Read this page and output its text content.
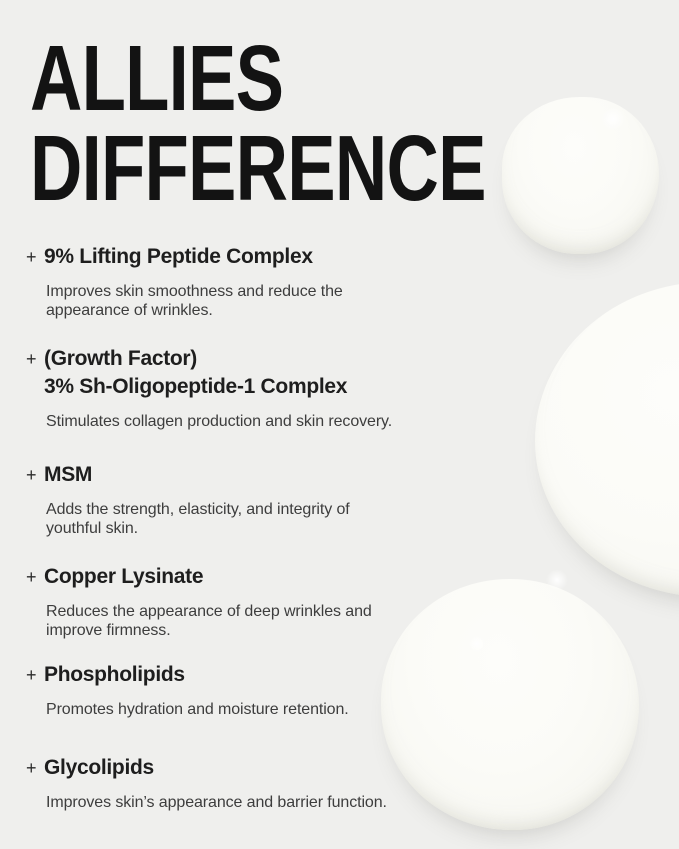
ALLIES
DIFFERENCE
+ 9% Lifting Peptide Complex

Improves skin smoothness and reduce the
appearance of wrinkles.

+ (Growth Factor)
3% Sh-Oligopeptide-1 Complex

Stimulates collagen production and skin recovery.

+ MSM

Adds the strength, elasticity, and integrity of
youthful skin.

+ Copper Lysinate

Reduces the appearance of deep wrinkles and
improve firmness.

+ Phospholipids

Promotes hydration and moisture retention.

+ Glycolipids

Improves skin’s appearance and barrier function.
